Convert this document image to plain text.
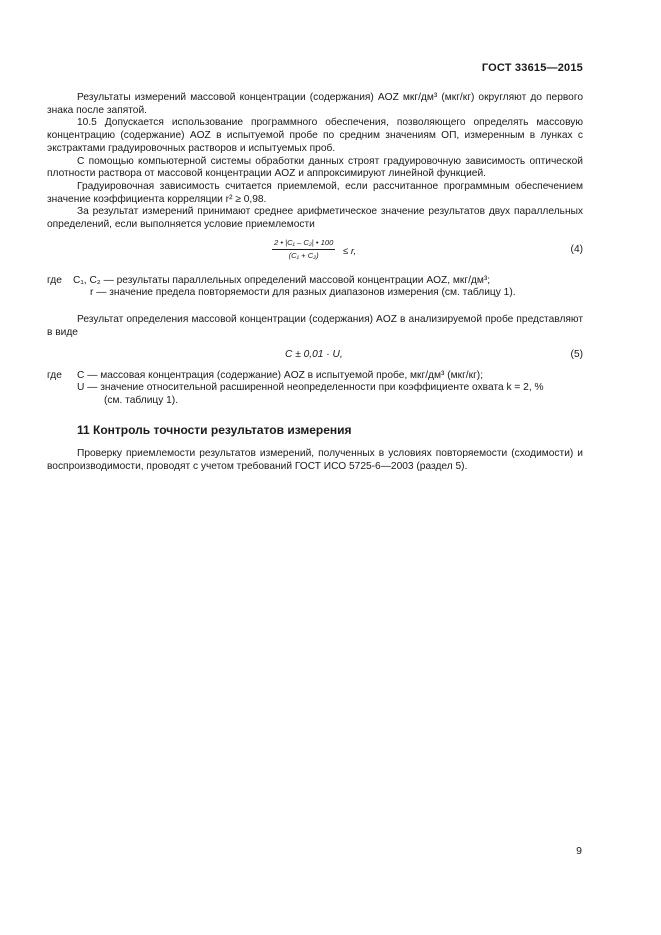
ГОСТ 33615—2015

Результаты измерений массовой концентрации (содержания) AOZ мкг/дм³ (мкг/кг) округляют до первого знака после запятой.

10.5 Допускается использование программного обеспечения, позволяющего определять массовую концентрацию (содержание) AOZ в испытуемой пробе по средним значениям ОП, измеренным в лунках с экстрактами градуировочных растворов и испытуемых проб.

С помощью компьютерной системы обработки данных строят градуировочную зависимость оптической плотности раствора от массовой концентрации AOZ и аппроксимируют линейной функцией.

Градуировочная зависимость считается приемлемой, если рассчитанное программным обеспечением значение коэффициента корреляции r² ≥ 0,98.

За результат измерений принимают среднее арифметическое значение результатов двух параллельных определений, если выполняется условие приемлемости

$\frac{\text{2 • |C₁ – C₂| • 100}}{\text{(C₁ + C₂)}} \le r$,	(4)
где C₁, C₂ — результаты параллельных определений массовой концентрации AOZ, мкг/дм³;
r — значение предела повторяемости для разных диапазонов измерения (см. таблицу 1).

Результат определения массовой концентрации (содержания) AOZ в анализируемой пробе представляют в виде

C ± 0,01 · U,	(5)
где C — массовая концентрация (содержание) AOZ в испытуемой пробе, мкг/дм³ (мкг/кг);
U — значение относительной расширенной неопределенности при коэффициенте охвата k = 2, %
(см. таблицу 1).
11 Контроль точности результатов измерения

Проверку приемлемости результатов измерений, полученных в условиях повторяемости (сходимости) и воспроизводимости, проводят с учетом требований ГОСТ ИСО 5725-6—2003 (раздел 5).

9
